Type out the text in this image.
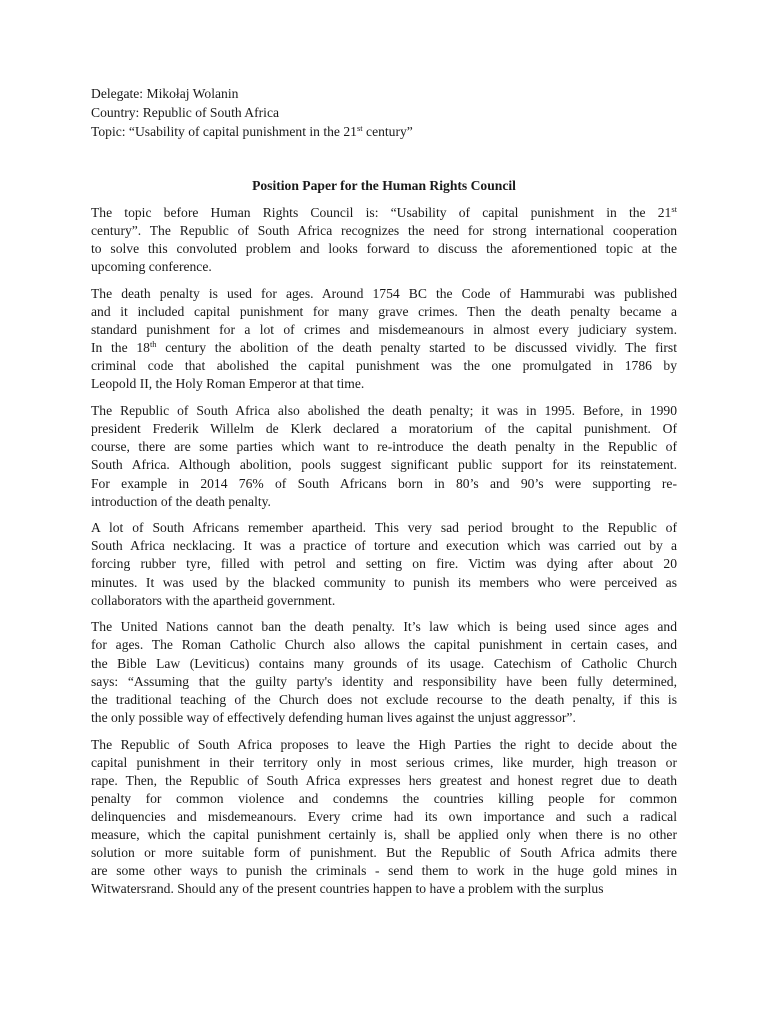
Delegate: Mikołaj Wolanin
Country: Republic of South Africa
Topic: “Usability of capital punishment in the 21st century”
Position Paper for the Human Rights Council
The topic before Human Rights Council is: “Usability of capital punishment in the 21st
century”. The Republic of South Africa recognizes the need for strong international cooperation
to solve this convoluted problem and looks forward to discuss the aforementioned topic at the
upcoming conference.
The death penalty is used for ages. Around 1754 BC the Code of Hammurabi was published
and it included capital punishment for many grave crimes. Then the death penalty became a
standard punishment for a lot of crimes and misdemeanours in almost every judiciary system.
In the 18th century the abolition of the death penalty started to be discussed vividly. The first
criminal code that abolished the capital punishment was the one promulgated in 1786 by
Leopold II, the Holy Roman Emperor at that time.
The Republic of South Africa also abolished the death penalty; it was in 1995. Before, in 1990
president Frederik Willelm de Klerk declared a moratorium of the capital punishment. Of
course, there are some parties which want to re-introduce the death penalty in the Republic of
South Africa. Although abolition, pools suggest significant public support for its reinstatement.
For example in 2014 76% of South Africans born in 80’s and 90’s were supporting re-
introduction of the death penalty.
A lot of South Africans remember apartheid. This very sad period brought to the Republic of
South Africa necklacing. It was a practice of torture and execution which was carried out by a
forcing rubber tyre, filled with petrol and setting on fire. Victim was dying after about 20
minutes. It was used by the blacked community to punish its members who were perceived as
collaborators with the apartheid government.
The United Nations cannot ban the death penalty. It’s law which is being used since ages and
for ages. The Roman Catholic Church also allows the capital punishment in certain cases, and
the Bible Law (Leviticus) contains many grounds of its usage. Catechism of Catholic Church
says: “Assuming that the guilty party's identity and responsibility have been fully determined,
the traditional teaching of the Church does not exclude recourse to the death penalty, if this is
the only possible way of effectively defending human lives against the unjust aggressor”.
The Republic of South Africa proposes to leave the High Parties the right to decide about the
capital punishment in their territory only in most serious crimes, like murder, high treason or
rape. Then, the Republic of South Africa expresses hers greatest and honest regret due to death
penalty for common violence and condemns the countries killing people for common
delinquencies and misdemeanours. Every crime had its own importance and such a radical
measure, which the capital punishment certainly is, shall be applied only when there is no other
solution or more suitable form of punishment. But the Republic of South Africa admits there
are some other ways to punish the criminals - send them to work in the huge gold mines in
Witwatersrand. Should any of the present countries happen to have a problem with the surplus
